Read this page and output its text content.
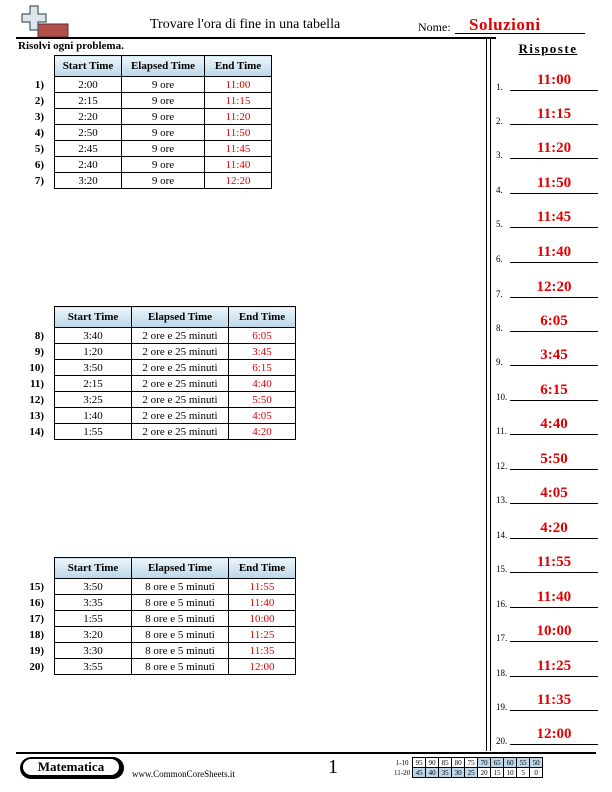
Trovare l'ora di fine in una tabella	Nome: Soluzioni
Risolvi ogni problema.
	Start Time	Elapsed Time	End Time
1)	2:00	9 ore	11:00
2)	2:15	9 ore	11:15
3)	2:20	9 ore	11:20
4)	2:50	9 ore	11:50
5)	2:45	9 ore	11:45
6)	2:40	9 ore	11:40
7)	3:20	9 ore	12:20
	Start Time	Elapsed Time	End Time
8)	3:40	2 ore e 25 minuti	6:05
9)	1:20	2 ore e 25 minuti	3:45
10)	3:50	2 ore e 25 minuti	6:15
11)	2:15	2 ore e 25 minuti	4:40
12)	3:25	2 ore e 25 minuti	5:50
13)	1:40	2 ore e 25 minuti	4:05
14)	1:55	2 ore e 25 minuti	4:20
	Start Time	Elapsed Time	End Time
15)	3:50	8 ore e 5 minuti	11:55
16)	3:35	8 ore e 5 minuti	11:40
17)	1:55	8 ore e 5 minuti	10:00
18)	3:20	8 ore e 5 minuti	11:25
19)	3:30	8 ore e 5 minuti	11:35
20)	3:55	8 ore e 5 minuti	12:00
Risposte
1.	11:00
2.	11:15
3.	11:20
4.	11:50
5.	11:45
6.	11:40
7.	12:20
8.	6:05
9.	3:45
10.	6:15
11.	4:40
12.	5:50
13.	4:05
14.	4:20
15.	11:55
16.	11:40
17.	10:00
18.	11:25
19.	11:35
20.	12:00
Matematica	www.CommonCoreSheets.it	1	1-10	95	90	85	80	75	70	65	60	55	50
11-20	45	40	35	30	25	20	15	10	5	0
